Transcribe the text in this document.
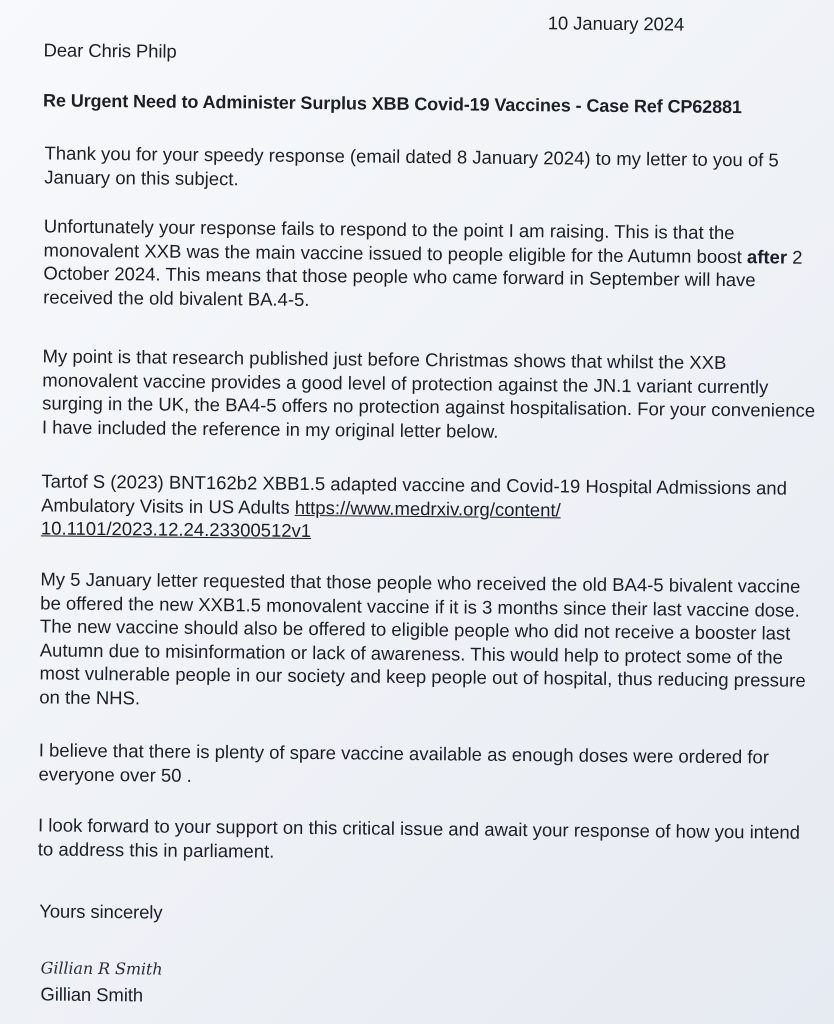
10 January 2024
Dear Chris Philp
Re Urgent Need to Administer Surplus XBB Covid-19 Vaccines - Case Ref CP62881
Thank you for your speedy response (email dated 8 January 2024) to my letter to you of 5
January on this subject.
Unfortunately your response fails to respond to the point I am raising. This is that the
monovalent XXB was the main vaccine issued to people eligible for the Autumn boost after 2
October 2024. This means that those people who came forward in September will have
received the old bivalent BA.4-5.
My point is that research published just before Christmas shows that whilst the XXB
monovalent vaccine provides a good level of protection against the JN.1 variant currently
surging in the UK, the BA4-5 offers no protection against hospitalisation. For your convenience
I have included the reference in my original letter below.
Tartof S (2023) BNT162b2 XBB1.5 adapted vaccine and Covid-19 Hospital Admissions and
Ambulatory Visits in US Adults https://www.medrxiv.org/content/
10.1101/2023.12.24.23300512v1
My 5 January letter requested that those people who received the old BA4-5 bivalent vaccine
be offered the new XXB1.5 monovalent vaccine if it is 3 months since their last vaccine dose.
The new vaccine should also be offered to eligible people who did not receive a booster last
Autumn due to misinformation or lack of awareness. This would help to protect some of the
most vulnerable people in our society and keep people out of hospital, thus reducing pressure
on the NHS.
I believe that there is plenty of spare vaccine available as enough doses were ordered for
everyone over 50 .
I look forward to your support on this critical issue and await your response of how you intend
to address this in parliament.
Yours sincerely
Gillian R Smith
Gillian Smith
